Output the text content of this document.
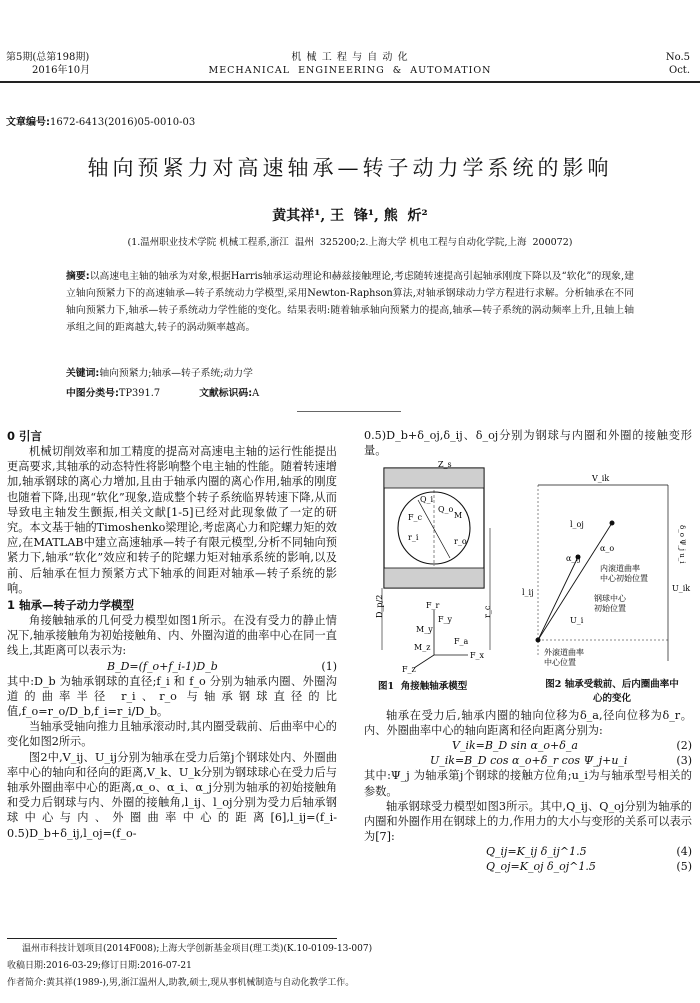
第5期(总第198期)
2016年10月
机 械 工 程 与 自 动 化
MECHANICAL  ENGINEERING  &  AUTOMATION
No.5
Oct.
文章编号:1672-6413(2016)05-0010-03
轴向预紧力对高速轴承—转子动力学系统的影响
黄其祥¹, 王  锋¹, 熊  炘²
(1.温州职业技术学院 机械工程系,浙江  温州  325200;2.上海大学 机电工程与自动化学院,上海  200072)
摘要:以高速电主轴的轴承为对象,根据Harris轴承运动理论和赫兹接触理论,考虑随转速提高引起轴承刚度下降以及“软化”的现象,建立轴向预紧力下的高速轴承—转子系统动力学模型,采用Newton-Raphson算法,对轴承钢球动力学方程进行求解。分析轴承在不同轴向预紧力下,轴承—转子系统动力学性能的变化。结果表明:随着轴承轴向预紧力的提高,轴承—转子系统的涡动频率上升,且轴上轴承组之间的距离越大,转子的涡动频率越高。
关键词:轴向预紧力;轴承—转子系统;动力学
中图分类号:TP391.7	文献标识码:A
0 引言
机械切削效率和加工精度的提高对高速电主轴的运行性能提出更高要求,其轴承的动态特性将影响整个电主轴的性能。随着转速增加,轴承钢球的离心力增加,且由于轴承内圈的离心作用,轴承的刚度也随着下降,出现“软化”现象,造成整个转子系统临界转速下降,从而导致电主轴发生颤振,相关文献[1-5]已经对此现象做了一定的研究。本文基于轴的Timoshenko梁理论,考虑离心力和陀螺力矩的效应,在MATLAB中建立高速轴承—转子有限元模型,分析不同轴向预紧力下,轴承“软化”效应和转子的陀螺力矩对轴承系统的影响,以及前、后轴承在恒力预紧方式下轴承的间距对轴承—转子系统的影响。
1 轴承—转子动力学模型
角接触轴承的几何受力模型如图1所示。在没有受力的静止情况下,轴承接触角为初始接触角、内、外圈沟道的曲率中心在同一直线上,其距离可以表示为:
B_D=(f_o+f_i-1)D_b	(1)
其中:D_b 为轴承钢球的直径;f_i 和 f_o 分别为轴承内圈、外圈沟道的曲率半径 r_i、r_o 与轴承钢球直径的比值,f_o=r_o/D_b,f_i=r_i/D_b。
当轴承受轴向推力且轴承滚动时,其内圈受载前、后曲率中心的变化如图2所示。
图2中,V_ij、U_ij分别为轴承在受力后第j个钢球处内、外圈曲率中心的轴向和径向的距离,V_k、U_k分别为钢球球心在受力后与轴承外圈曲率中心的距离,α_o、α_i、α_j分别为轴承的初始接触角和受力后钢球与内、外圈的接触角,l_ij、l_oj分别为受力后轴承钢球中心与内、外圈曲率中心的距离[6],l_ij=(f_i-0.5)D_b+δ_ij,l_oj=(f_o-
0.5)D_b+δ_oj,δ_ij、δ_oj分别为钢球与内圈和外圈的接触变形量。
Z_s
Q_i
Q_o
M
F_c
r_i	r_o
D_p/2	r_c
F_r
F_a
M_y
M_z
F_y
F_x
F_z
V_ik
l_oj
α_o	δ_o Ψ_j u_i
内滚道曲率
中心初始位置
钢球中心
初始位置
U_ik
U_i
l_ij
外滚道曲率
中心位置
α_ij
图1  角接触轴承模型	图2 轴承受载前、后内圈曲率中心的变化
轴承在受力后,轴承内圈的轴向位移为δ_a,径向位移为δ_r。内、外圈曲率中心的轴向距离和径向距离分别为:
V_ik=B_D sin α_o+δ_a	(2)
U_ik=B_D cos α_o+δ_r cos Ψ_j+u_i	(3)
其中:Ψ_j 为轴承第j个钢球的接触方位角;u_i为与轴承型号相关的参数。
轴承钢球受力模型如图3所示。其中,Q_ij、Q_oj分别为轴承的内圈和外圈作用在钢球上的力,作用力的大小与变形的关系可以表示为[7]:
Q_ij=K_ij δ_ij^1.5	(4)
Q_oj=K_oj δ_oj^1.5	(5)
温州市科技计划项目(2014F008);上海大学创新基金项目(理工类)(K.10-0109-13-007)
收稿日期:2016-03-29;修订日期:2016-07-21
作者简介:黄其祥(1989-),男,浙江温州人,助教,硕士,现从事机械制造与自动化教学工作。
